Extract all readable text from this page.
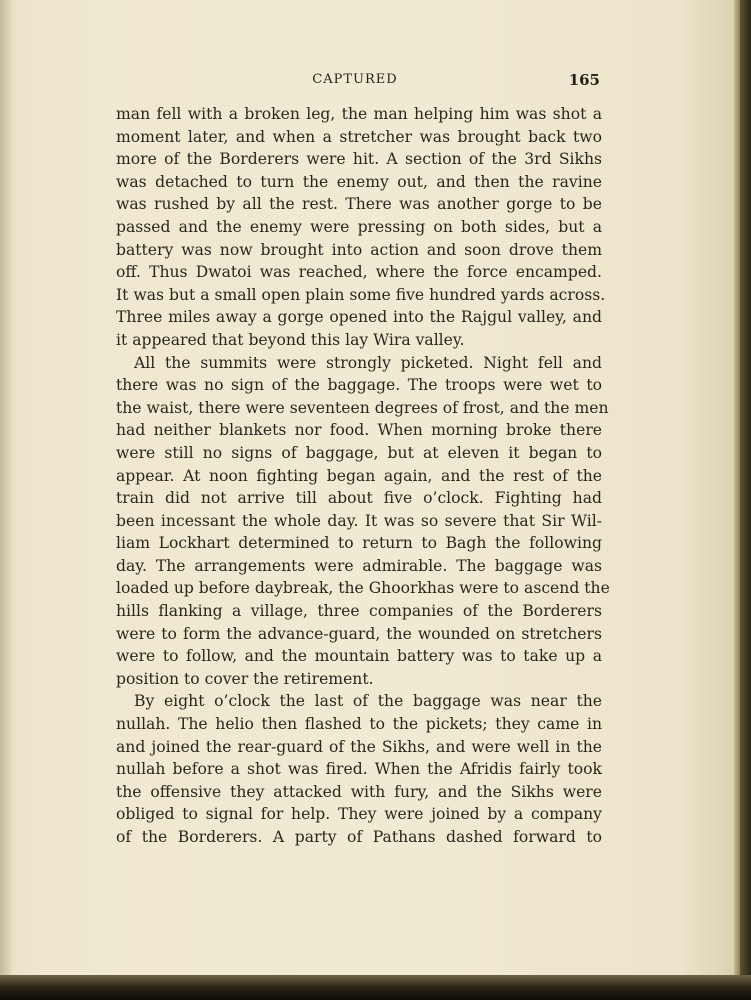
CAPTURED	165
man fell with a broken leg, the man helping him was shot a
moment later, and when a stretcher was brought back two
more of the Borderers were hit. A section of the 3rd Sikhs
was detached to turn the enemy out, and then the ravine
was rushed by all the rest. There was another gorge to be
passed and the enemy were pressing on both sides, but a
battery was now brought into action and soon drove them
off. Thus Dwatoi was reached, where the force encamped.
It was but a small open plain some five hundred yards across.
Three miles away a gorge opened into the Rajgul valley, and
it appeared that beyond this lay Wira valley.
All the summits were strongly picketed. Night fell and
there was no sign of the baggage. The troops were wet to
the waist, there were seventeen degrees of frost, and the men
had neither blankets nor food. When morning broke there
were still no signs of baggage, but at eleven it began to
appear. At noon fighting began again, and the rest of the
train did not arrive till about five o’clock. Fighting had
been incessant the whole day. It was so severe that Sir Wil-
liam Lockhart determined to return to Bagh the following
day. The arrangements were admirable. The baggage was
loaded up before daybreak, the Ghoorkhas were to ascend the
hills flanking a village, three companies of the Borderers
were to form the advance-guard, the wounded on stretchers
were to follow, and the mountain battery was to take up a
position to cover the retirement.
By eight o’clock the last of the baggage was near the
nullah. The helio then flashed to the pickets; they came in
and joined the rear-guard of the Sikhs, and were well in the
nullah before a shot was fired. When the Afridis fairly took
the offensive they attacked with fury, and the Sikhs were
obliged to signal for help. They were joined by a company
of the Borderers. A party of Pathans dashed forward to
